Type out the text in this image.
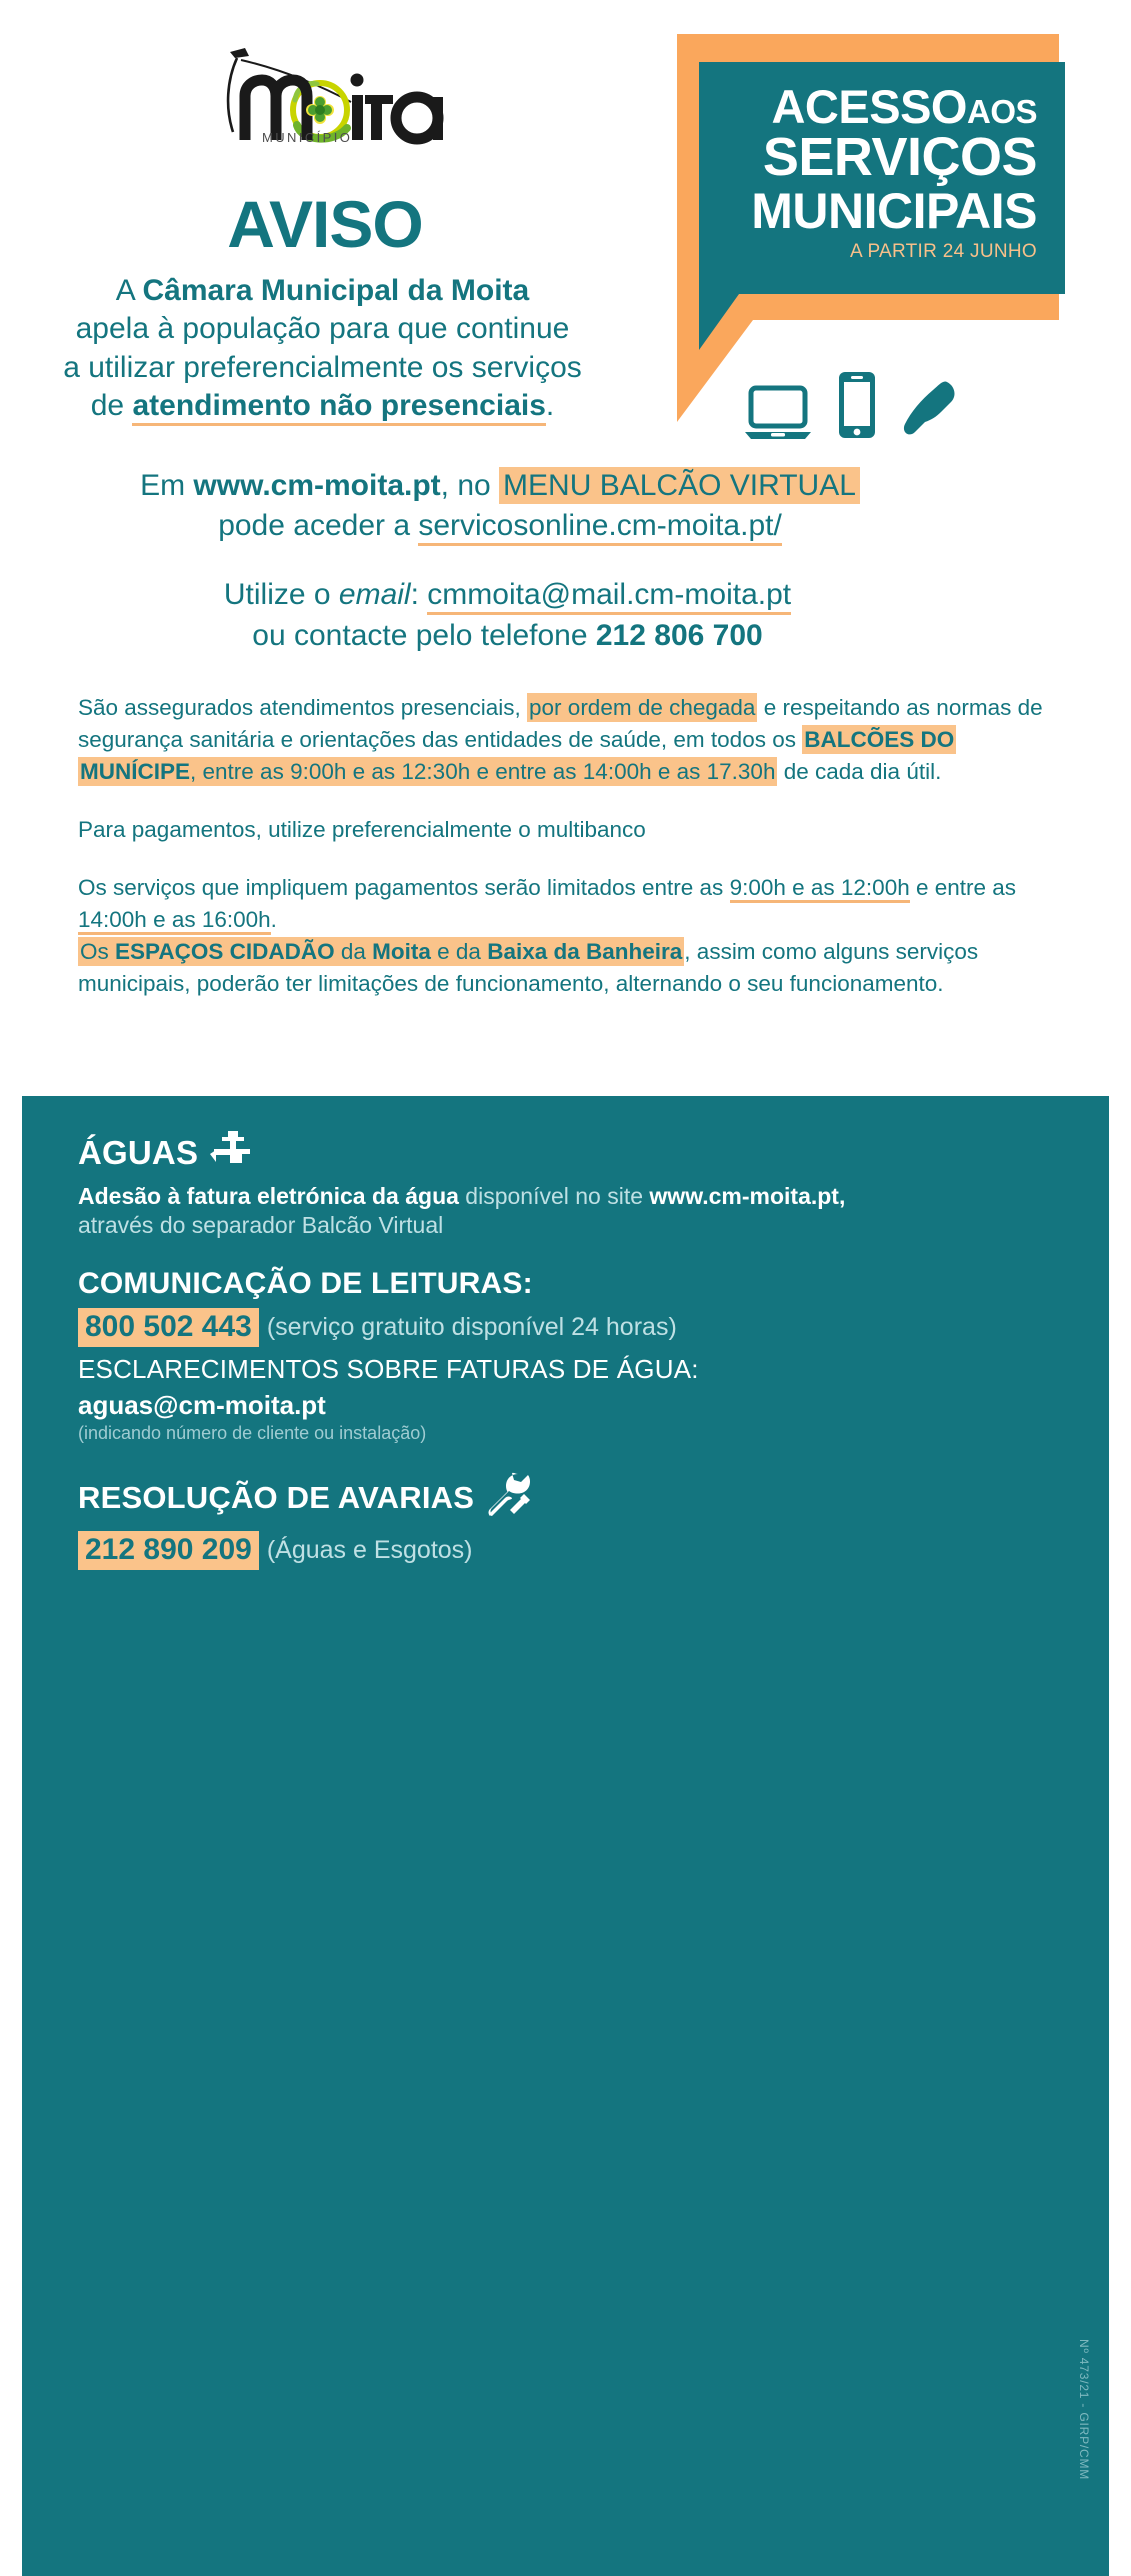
MUNICÍPIO
ACESSOAOS
SERVIÇOS
MUNICIPAIS
A PARTIR 24 JUNHO
AVISO
A Câmara Municipal da Moita
apela à população para que continue
a utilizar preferencialmente os serviços
de atendimento não presenciais.
Em www.cm-moita.pt, no MENU BALCÃO VIRTUAL
pode aceder a servicosonline.cm-moita.pt/
Utilize o email: cmmoita@mail.cm-moita.pt
ou contacte pelo telefone 212 806 700

São assegurados atendimentos presenciais, por ordem de chegada e respeitando as normas de segurança sanitária e orientações das entidades de saúde, em todos os BALCÕES DO MUNÍCIPE, entre as 9:00h e as 12:30h e entre as 14:00h e as 17.30h de cada dia útil.

Para pagamentos, utilize preferencialmente o multibanco

Os serviços que impliquem pagamentos serão limitados entre as 9:00h e as 12:00h e entre as 14:00h e as 16:00h.

Os ESPAÇOS CIDADÃO da Moita e da Baixa da Banheira, assim como alguns serviços
municipais, poderão ter limitações de funcionamento, alternando o seu funcionamento.

ÁGUAS
Adesão à fatura eletrónica da água disponível no site www.cm-moita.pt,
através do separador Balcão Virtual
COMUNICAÇÃO DE LEITURAS:
800 502 443 (serviço gratuito disponível 24 horas)
ESCLARECIMENTOS SOBRE FATURAS DE ÁGUA:
aguas@cm-moita.pt
(indicando número de cliente ou instalação)
RESOLUÇÃO DE AVARIAS
212 890 209 (Águas e Esgotos)
Nº 473/21 - GIRP/CMM
